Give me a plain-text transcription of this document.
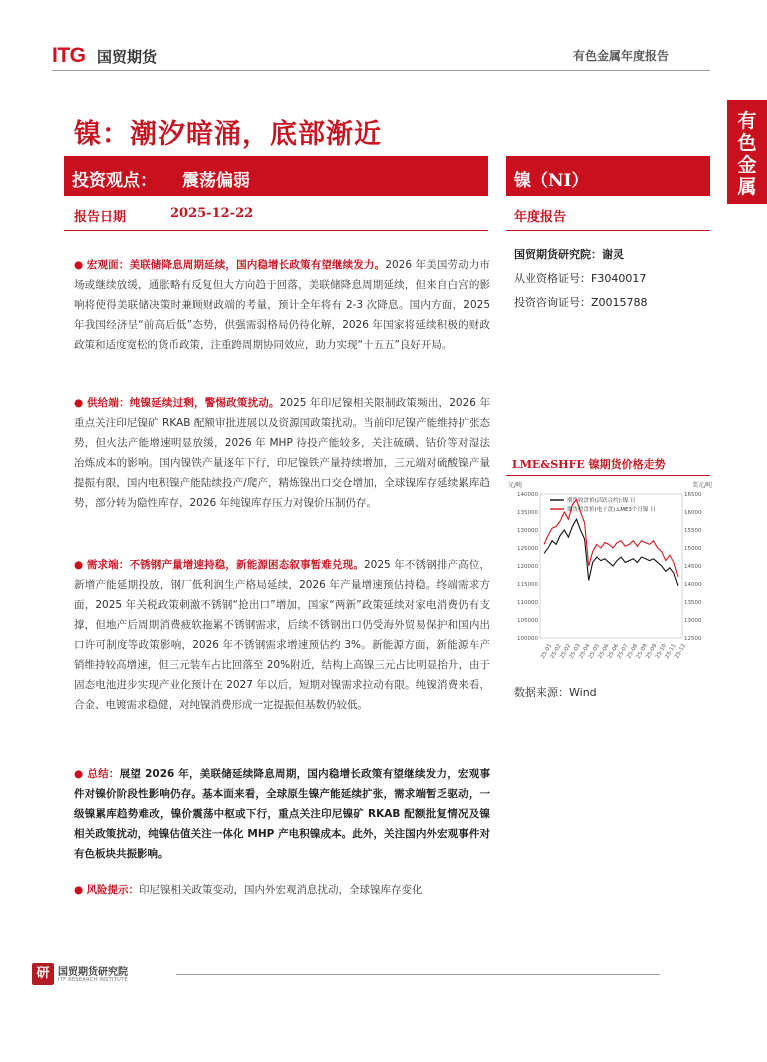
ITG 国贸期货	有色金属年度报告
有
色
金
属
镍：潮汐暗涌，底部渐近
投资观点： 震荡偏弱	镍（NI）
报告日期	2025-12-22	年度报告
国贸期货研究院：谢灵
从业资格证号：F3040017
投资咨询证号：Z0015788
● 宏观面：美联储降息周期延续，国内稳增长政策有望继续发力。2026 年美国劳动力市场或继续放缓，通胀略有反复但大方向趋于回落，美联储降息周期延续，但来自白宫的影响将使得美联储决策时兼顾财政端的考量，预计全年将有 2-3 次降息。国内方面，2025 年我国经济呈“前高后低”态势，供强需弱格局仍待化解，2026 年国家将延续积极的财政政策和适度宽松的货币政策，注重跨周期协同效应，助力实现“十五五”良好开局。
● 供给端：纯镍延续过剩，警惕政策扰动。2025 年印尼镍相关限制政策频出，2026 年重点关注印尼镍矿 RKAB 配额审批进展以及资源国政策扰动。当前印尼镍产能维持扩张态势，但火法产能增速明显放缓，2026 年 MHP 待投产能较多，关注硫磺、钴价等对湿法冶炼成本的影响。国内镍铁产量逐年下行，印尼镍铁产量持续增加，三元端对硫酸镍产量提振有限，国内电积镍产能陆续投产/爬产，精炼镍出口交仓增加，全球镍库存延续累库趋势，部分转为隐性库存，2026 年纯镍库存压力对镍价压制仍存。
● 需求端：不锈钢产量增速持稳，新能源困态叙事暂难兑现。2025 年不锈钢排产高位，新增产能延期投放，钢厂低利润生产格局延续，2026 年产量增速预估持稳。终端需求方面，2025 年关税政策刺激不锈钢“抢出口”增加，国家“两新”政策延续对家电消费仍有支撑，但地产后周期消费疲软拖累不锈钢需求，后续不锈钢出口仍受海外贸易保护和国内出口许可制度等政策影响，2026 年不锈钢需求增速预估约 3%。新能源方面，新能源车产销维持较高增速，但三元装车占比回落至 20%附近，结构上高镍三元占比明显抬升，由于固态电池进步实现产业化预计在 2027 年以后，短期对镍需求拉动有限。纯镍消费来看，合金、电镀需求稳健，对纯镍消费形成一定提振但基数仍较低。
● 总结：展望 2026 年，美联储延续降息周期，国内稳增长政策有望继续发力，宏观事件对镍价阶段性影响仍存。基本面来看，全球原生镍产能延续扩张，需求端暂乏驱动，一级镍累库趋势难改，镍价震荡中枢或下行，重点关注印尼镍矿 RKAB 配额批复情况及镍相关政策扰动，纯镍估值关注一体化 MHP 产电积镍成本。此外，关注国内外宏观事件对有色板块共振影响。
● 风险提示：印尼镍相关政策变动，国内外宏观消息扰动，全球镍库存变化
LME&SHFE 镍期货价格走势
元/吨	美元/吨
140000
135000
130000
125000
120000
115000
110000
105000
100000
16500
16000
15500
15000
14500
14000
13500
13000
12500
25-01
25-02
25-02
25-03
25-04
25-05
25-06
25-06
25-07
25-08
25-09
25-09
25-10
25-11
25-12
期货收盘价(活跃合约):镍 日
期货收盘价(电子盘):LME3个月镍 日
数据来源：Wind
研 国贸期货研究院
ITF RESEARCH INSTITUTE
